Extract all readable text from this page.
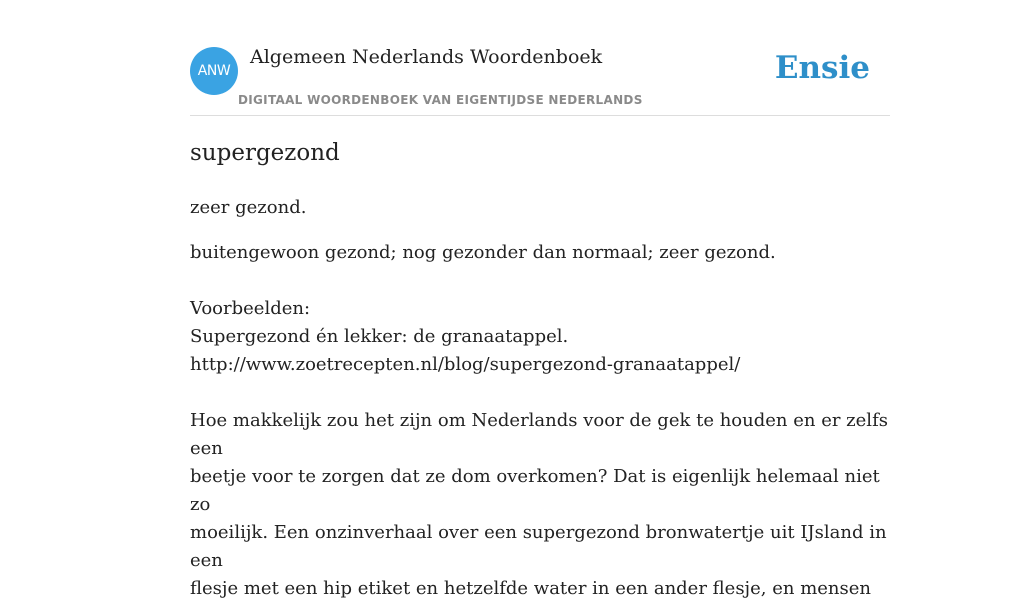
ANW
Algemeen Nederlands Woordenboek
DIGITAAL WOORDENBOEK VAN EIGENTIJDSE NEDERLANDS
Ensie
supergezond

zeer gezond.

buitengewoon gezond; nog gezonder dan normaal; zeer gezond.

Voorbeelden:

Supergezond én lekker: de granaatappel.

http://www.zoetrecepten.nl/blog/supergezond-granaatappel/

Hoe makkelijk zou het zijn om Nederlands voor de gek te houden en er zelfs een

beetje voor te zorgen dat ze dom overkomen? Dat is eigenlijk helemaal niet zo

moeilijk. Een onzinverhaal over een supergezond bronwatertje uit IJsland in een

flesje met een hip etiket en hetzelfde water in een ander flesje, en mensen
